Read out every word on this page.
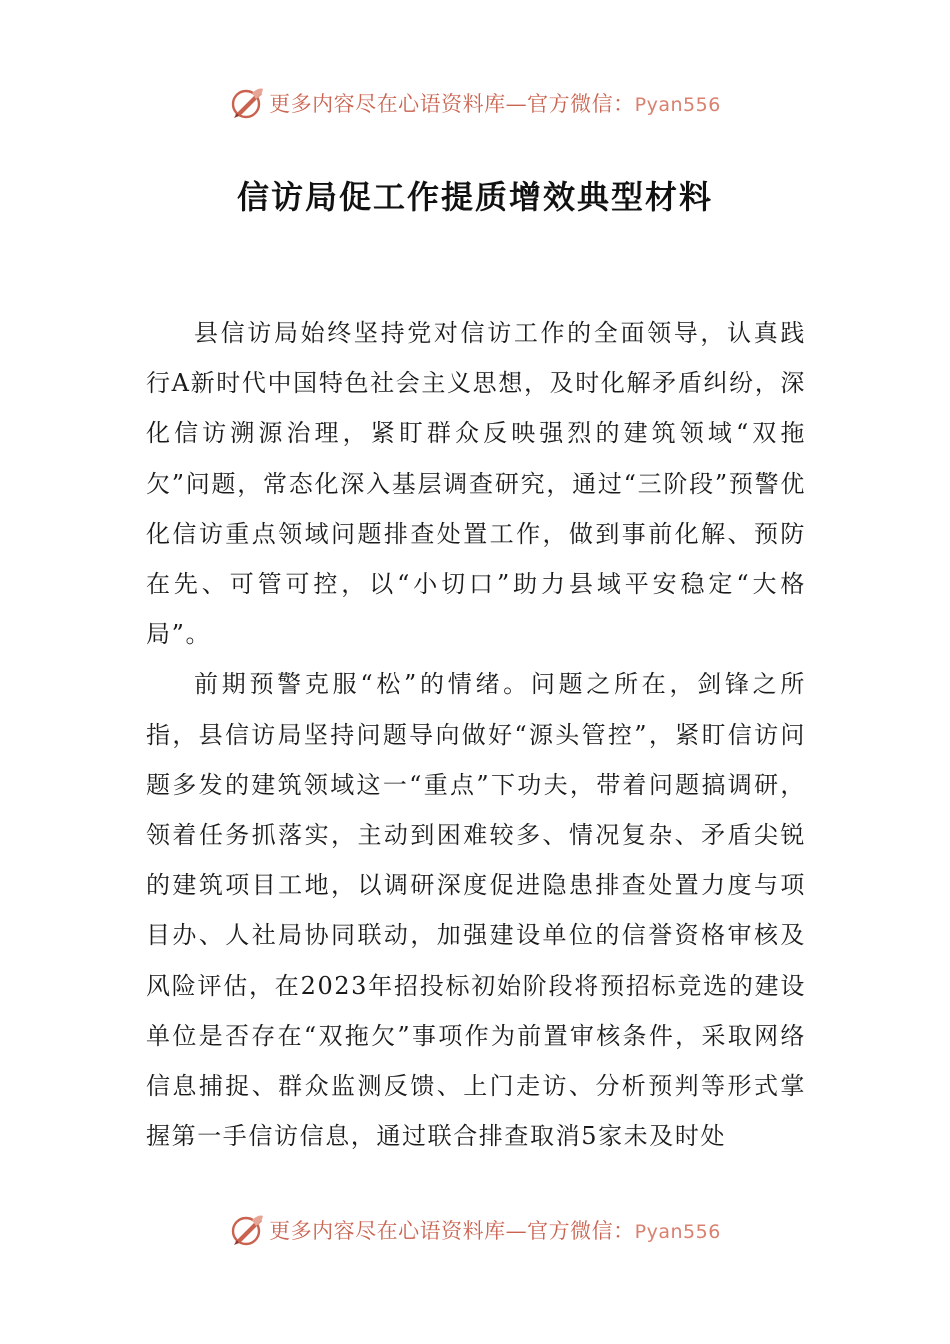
更多内容尽在心语资料库—官方微信：Pyan556
信访局促工作提质增效典型材料

县信访局始终坚持党对信访工作的全面领导，认真践行A新时代中国特色社会主义思想，及时化解矛盾纠纷，深化信访溯源治理，紧盯群众反映强烈的建筑领域“双拖欠”问题，常态化深入基层调查研究，通过“三阶段”预警优化信访重点领域问题排查处置工作，做到事前化解、预防在先、可管可控，以“小切口”助力县域平安稳定“大格局”。

前期预警克服“松”的情绪。问题之所在，剑锋之所指，县信访局坚持问题导向做好“源头管控”，紧盯信访问题多发的建筑领域这一“重点”下功夫，带着问题搞调研，领着任务抓落实，主动到困难较多、情况复杂、矛盾尖锐的建筑项目工地，以调研深度促进隐患排查处置力度与项目办、人社局协同联动，加强建设单位的信誉资格审核及风险评估，在2023年招投标初始阶段将预招标竞选的建设单位是否存在“双拖欠”事项作为前置审核条件，采取网络信息捕捉、群众监测反馈、上门走访、分析预判等形式掌握第一手信访信息，通过联合排查取消5家未及时处

更多内容尽在心语资料库—官方微信：Pyan556
